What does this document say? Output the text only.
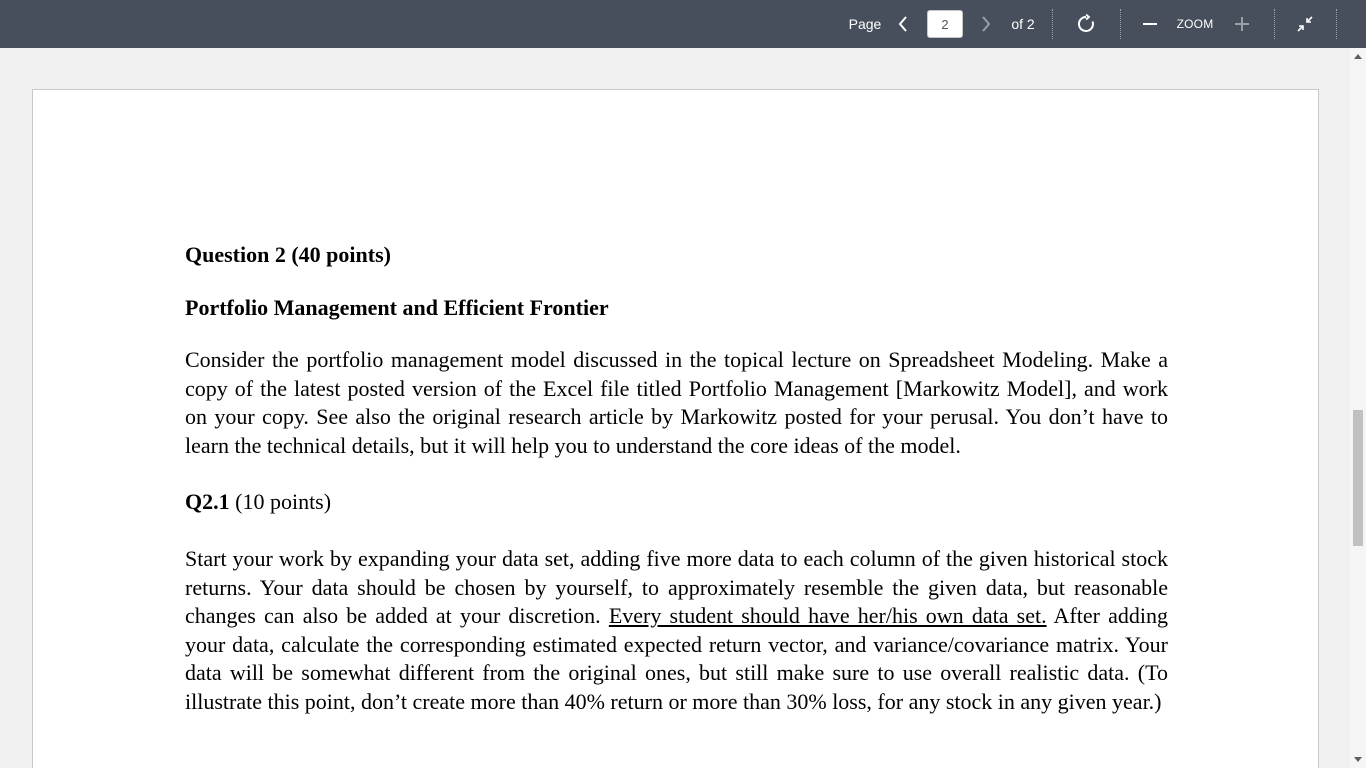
Page
2	of 2	ZOOM

Question 2 (40 points)

Portfolio Management and Efficient Frontier

Consider the portfolio management model discussed in the topical lecture on Spreadsheet Modeling. Make a copy of the latest posted version of the Excel file titled Portfolio Management [Markowitz Model], and work on your copy. See also the original research article by Markowitz posted for your perusal. You don’t have to learn the technical details, but it will help you to understand the core ideas of the model.

Q2.1 (10 points)

Start your work by expanding your data set, adding five more data to each column of the given historical stock returns. Your data should be chosen by yourself, to approximately resemble the given data, but reasonable changes can also be added at your discretion. Every student should have her/his own data set. After adding your data, calculate the corresponding estimated expected return vector, and variance/covariance matrix. Your data will be somewhat different from the original ones, but still make sure to use overall realistic data. (To illustrate this point, don’t create more than 40% return or more than 30% loss, for any stock in any given year.)
